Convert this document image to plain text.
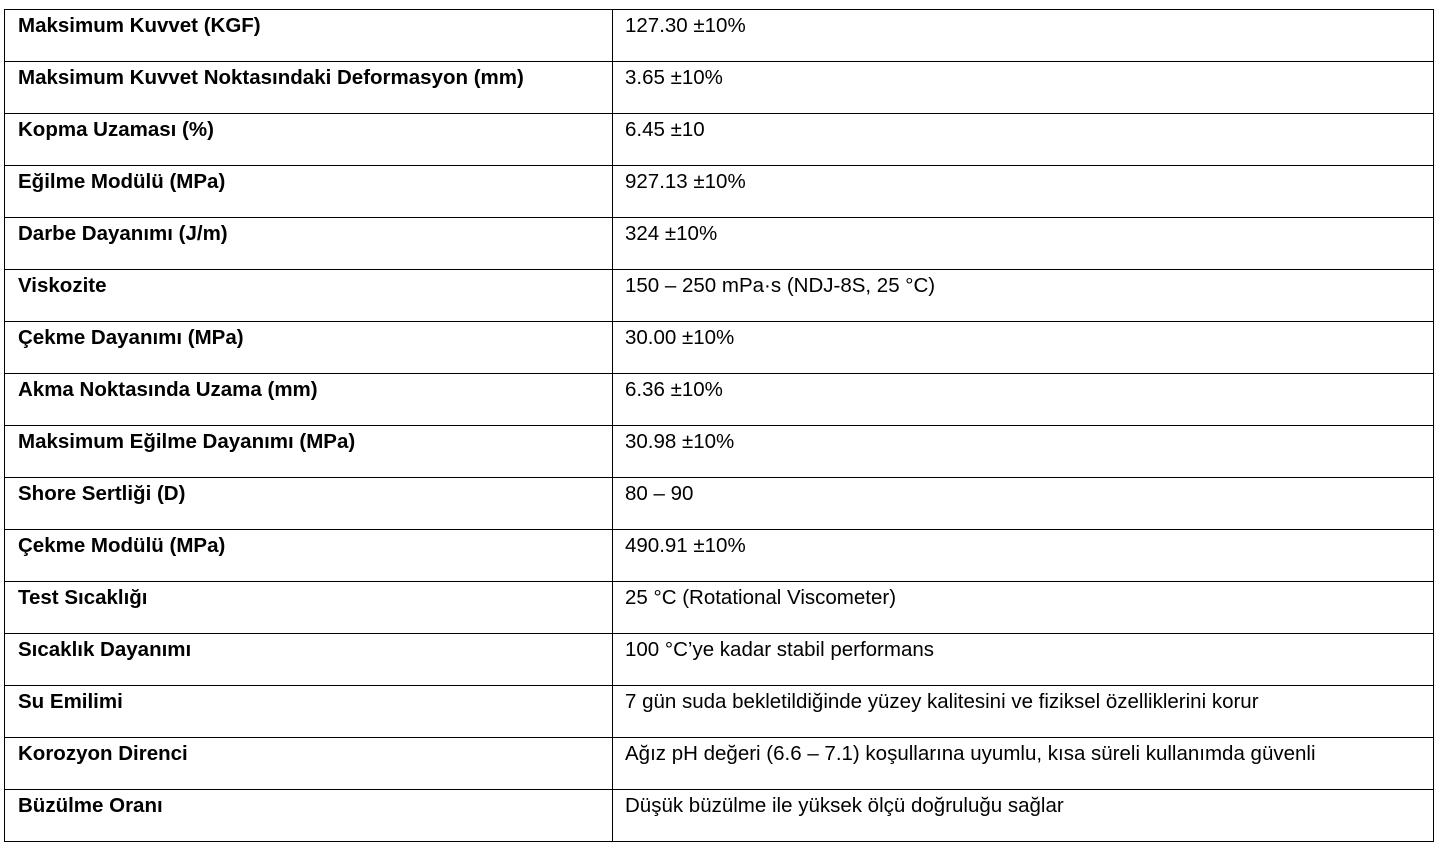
Maksimum Kuvvet (KGF)	127.30 ±10%
Maksimum Kuvvet Noktasındaki Deformasyon (mm)	3.65 ±10%
Kopma Uzaması (%)	6.45 ±10
Eğilme Modülü (MPa)	927.13 ±10%
Darbe Dayanımı (J/m)	324 ±10%
Viskozite	150 – 250 mPa·s (NDJ-8S, 25 °C)
Çekme Dayanımı (MPa)	30.00 ±10%
Akma Noktasında Uzama (mm)	6.36 ±10%
Maksimum Eğilme Dayanımı (MPa)	30.98 ±10%
Shore Sertliği (D)	80 – 90
Çekme Modülü (MPa)	490.91 ±10%
Test Sıcaklığı	25 °C (Rotational Viscometer)
Sıcaklık Dayanımı	100 °C’ye kadar stabil performans
Su Emilimi	7 gün suda bekletildiğinde yüzey kalitesini ve fiziksel özelliklerini korur
Korozyon Direnci	Ağız pH değeri (6.6 – 7.1) koşullarına uyumlu, kısa süreli kullanımda güvenli
Büzülme Oranı	Düşük büzülme ile yüksek ölçü doğruluğu sağlar
